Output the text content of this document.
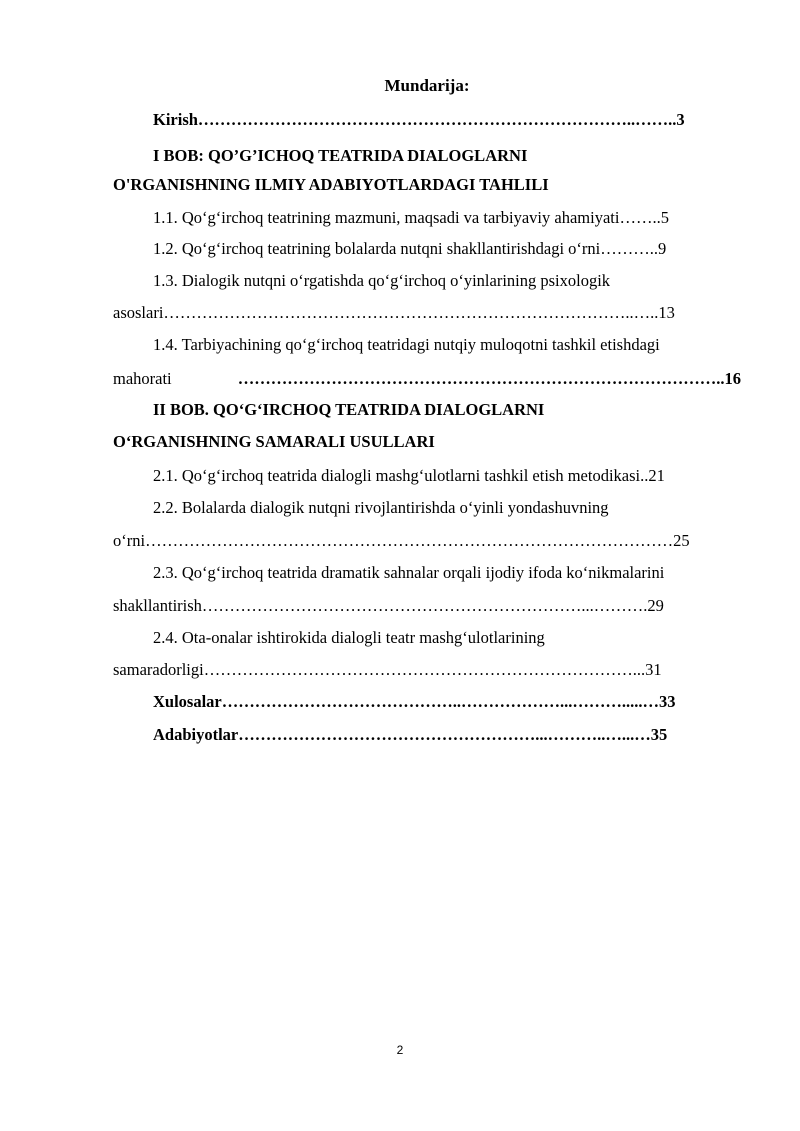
Mundarija:
Kirish……………………………………………………………………..……..3
I BOB: QO’G’ICHOQ TEATRIDA DIALOGLARNI
O'RGANISHNING ILMIY ADABIYOTLARDAGI TAHLILI
1.1. Qo‘g‘irchoq teatrining mazmuni, maqsadi va tarbiyaviy ahamiyati……..5
1.2. Qo‘g‘irchoq teatrining bolalarda nutqni shakllantirishdagi o‘rni………..9
1.3. Dialogik nutqni o‘rgatishda qo‘g‘irchoq o‘yinlarining psixologik
asoslari…………………………………………………………………………..…..13
1.4. Tarbiyachining qo‘g‘irchoq teatridagi nutqiy muloqotni tashkil etishdagi
mahorati	……………………………………………………………………………..16
II BOB. QO‘G‘IRCHOQ TEATRIDA DIALOGLARNI
O‘RGANISHNING SAMARALI USULLARI
2.1. Qo‘g‘irchoq teatrida dialogli mashg‘ulotlarni tashkil etish metodikasi..21
2.2. Bolalarda dialogik nutqni rivojlantirishda o‘yinli yondashuvning
o‘rni……………………………………………………………………………………25
2.3. Qo‘g‘irchoq teatrida dramatik sahnalar orqali ijodiy ifoda ko‘nikmalarini
shakllantirish……………………………………………………………...……….29
2.4. Ota-onalar ishtirokida dialogli teatr mashg‘ulotlarining
samaradorligi……………………………………………………………………...31
Xulosalar……………………………………..………………...……….....…33
Adabiyotlar………………………………………………...………..…...…35
2
